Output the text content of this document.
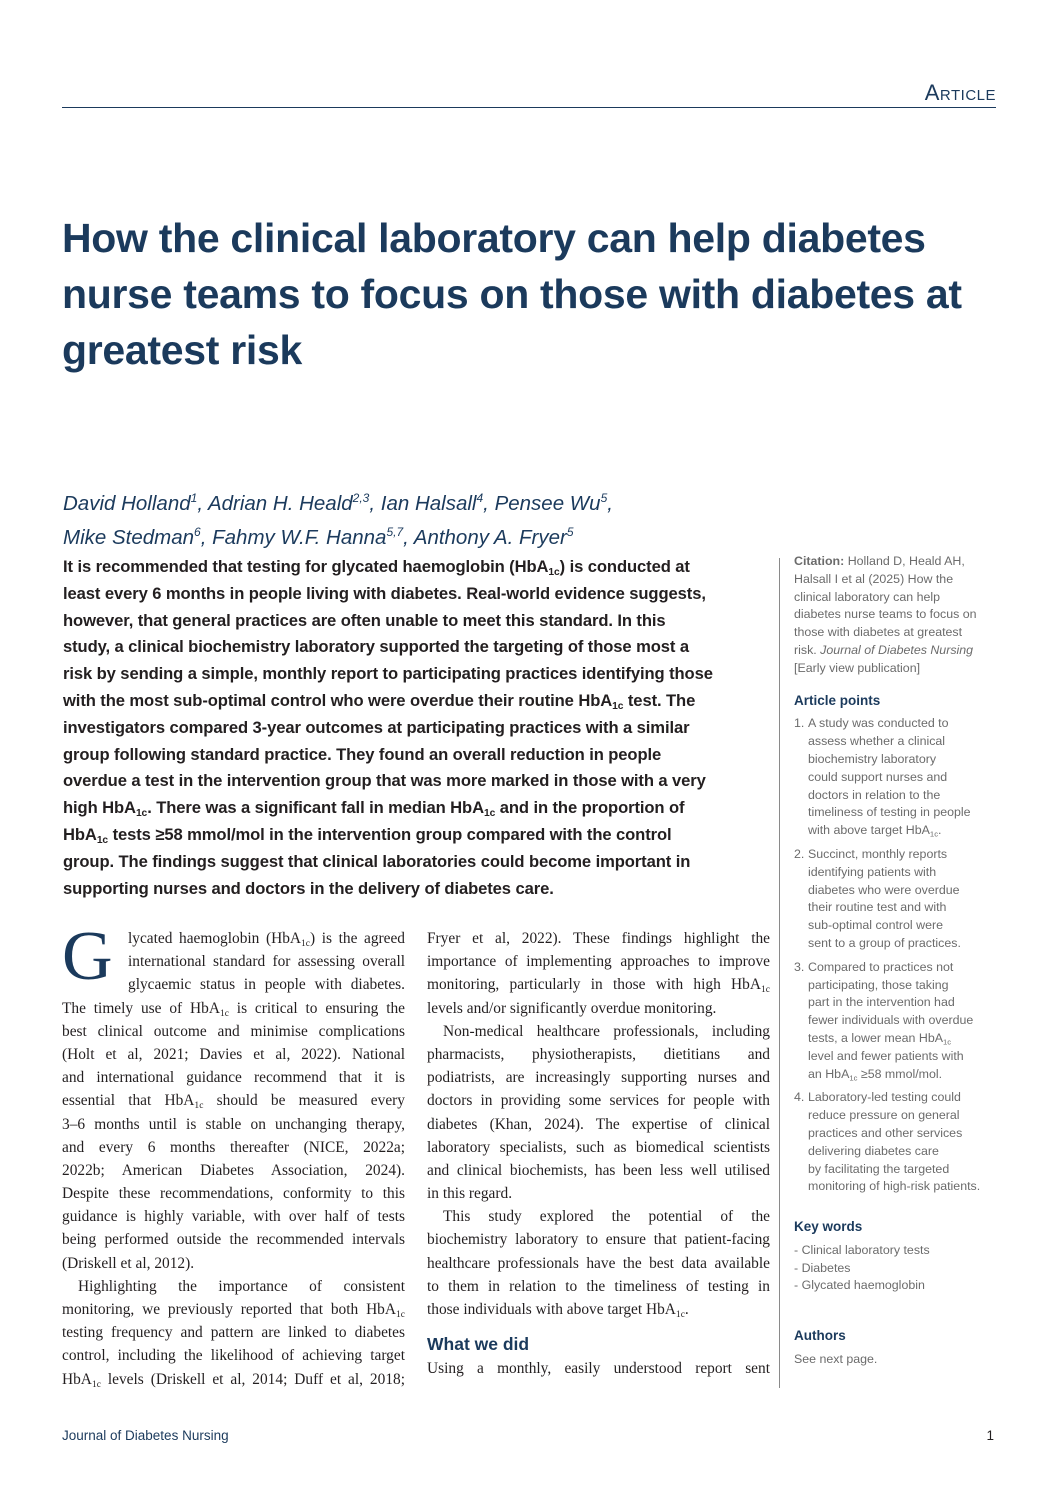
Article
How the clinical laboratory can help diabetes nurse teams to focus on those with diabetes at greatest risk
David Holland$^1$, Adrian H. Heald$^{2,3}$, Ian Halsall$^4$, Pensee Wu$^5$,
Mike Stedman$^6$, Fahmy W.F. Hanna$^{5,7}$, Anthony A. Fryer$^5$
It is recommended that testing for glycated haemoglobin (HbA$_{1c}$) is conducted at
least every 6 months in people living with diabetes. Real-world evidence suggests,
however, that general practices are often unable to meet this standard. In this
study, a clinical biochemistry laboratory supported the targeting of those most a
risk by sending a simple, monthly report to participating practices identifying those
with the most sub-optimal control who were overdue their routine HbA$_{1c}$ test. The
investigators compared 3-year outcomes at participating practices with a similar
group following standard practice. They found an overall reduction in people
overdue a test in the intervention group that was more marked in those with a very
high HbA$_{1c}$. There was a significant fall in median HbA$_{1c}$ and in the proportion of
HbA$_{1c}$ tests ≥58 mmol/mol in the intervention group compared with the control
group. The findings suggest that clinical laboratories could become important in
supporting nurses and doctors in the delivery of diabetes care.
G	lycated haemoglobin (HbA$_{1c}$) is the agreed
international standard for assessing overall
glycaemic status in people with diabetes.
The timely use of HbA$_{1c}$ is critical to ensuring the
best clinical outcome and minimise complications
(Holt et al, 2021; Davies et al, 2022). National
and international guidance recommend that it is
essential that HbA$_{1c}$ should be measured every
3–6 months until is stable on unchanging therapy,
and every 6 months thereafter (NICE, 2022a;
2022b; American Diabetes Association, 2024).
Despite these recommendations, conformity to this
guidance is highly variable, with over half of tests
being performed outside the recommended intervals
(Driskell et al, 2012).
Highlighting the importance of consistent
monitoring, we previously reported that both HbA$_{1c}$
testing frequency and pattern are linked to diabetes
control, including the likelihood of achieving target
HbA$_{1c}$ levels (Driskell et al, 2014; Duff et al, 2018;
Fryer et al, 2022). These findings highlight the
importance of implementing approaches to improve
monitoring, particularly in those with high HbA$_{1c}$
levels and/or significantly overdue monitoring.
Non-medical healthcare professionals, including
pharmacists, physiotherapists, dietitians and
podiatrists, are increasingly supporting nurses and
doctors in providing some services for people with
diabetes (Khan, 2024). The expertise of clinical
laboratory specialists, such as biomedical scientists
and clinical biochemists, has been less well utilised
in this regard.
This study explored the potential of the
biochemistry laboratory to ensure that patient-facing
healthcare professionals have the best data available
to them in relation to the timeliness of testing in
those individuals with above target HbA$_{1c}$.
What we did
Using a monthly, easily understood report sent
Citation: Holland D, Heald AH,
Halsall I et al (2025) How the
clinical laboratory can help
diabetes nurse teams to focus on
those with diabetes at greatest
risk. Journal of Diabetes Nursing
[Early view publication]
Article points
1. A study was conducted to
assess whether a clinical
biochemistry laboratory
could support nurses and
doctors in relation to the
timeliness of testing in people
with above target HbA$_{1c}$.
2. Succinct, monthly reports
identifying patients with
diabetes who were overdue
their routine test and with
sub-optimal control were
sent to a group of practices.
3. Compared to practices not
participating, those taking
part in the intervention had
fewer individuals with overdue
tests, a lower mean HbA$_{1c}$
level and fewer patients with
an HbA$_{1c}$ ≥58 mmol/mol.
4. Laboratory-led testing could
reduce pressure on general
practices and other services
delivering diabetes care
by facilitating the targeted
monitoring of high-risk patients.
Key words
- Clinical laboratory tests
- Diabetes
- Glycated haemoglobin
Authors
See next page.
Journal of Diabetes Nursing	1
